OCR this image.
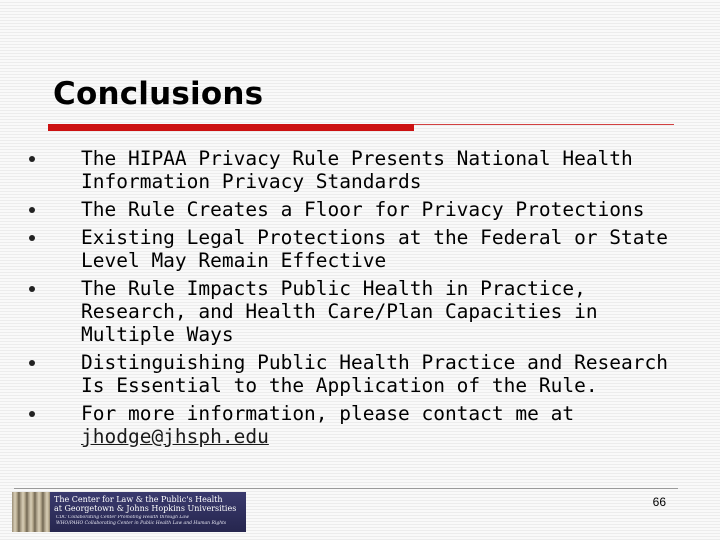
Conclusions
The HIPAA Privacy Rule Presents National Health Information Privacy Standards
The Rule Creates a Floor for Privacy Protections
Existing Legal Protections at the Federal or State Level May Remain Effective
The Rule Impacts Public Health in Practice, Research, and Health Care/Plan Capacities in Multiple Ways
Distinguishing Public Health Practice and Research Is Essential to the Application of the Rule.
For more information, please contact me at jhodge@jhsph.edu
The Center for Law & the Public's Health
at Georgetown & Johns Hopkins Universities
CDC Collaborating Center Promoting Health through Law
WHO/PAHO Collaborating Center in Public Health Law and Human Rights
66
